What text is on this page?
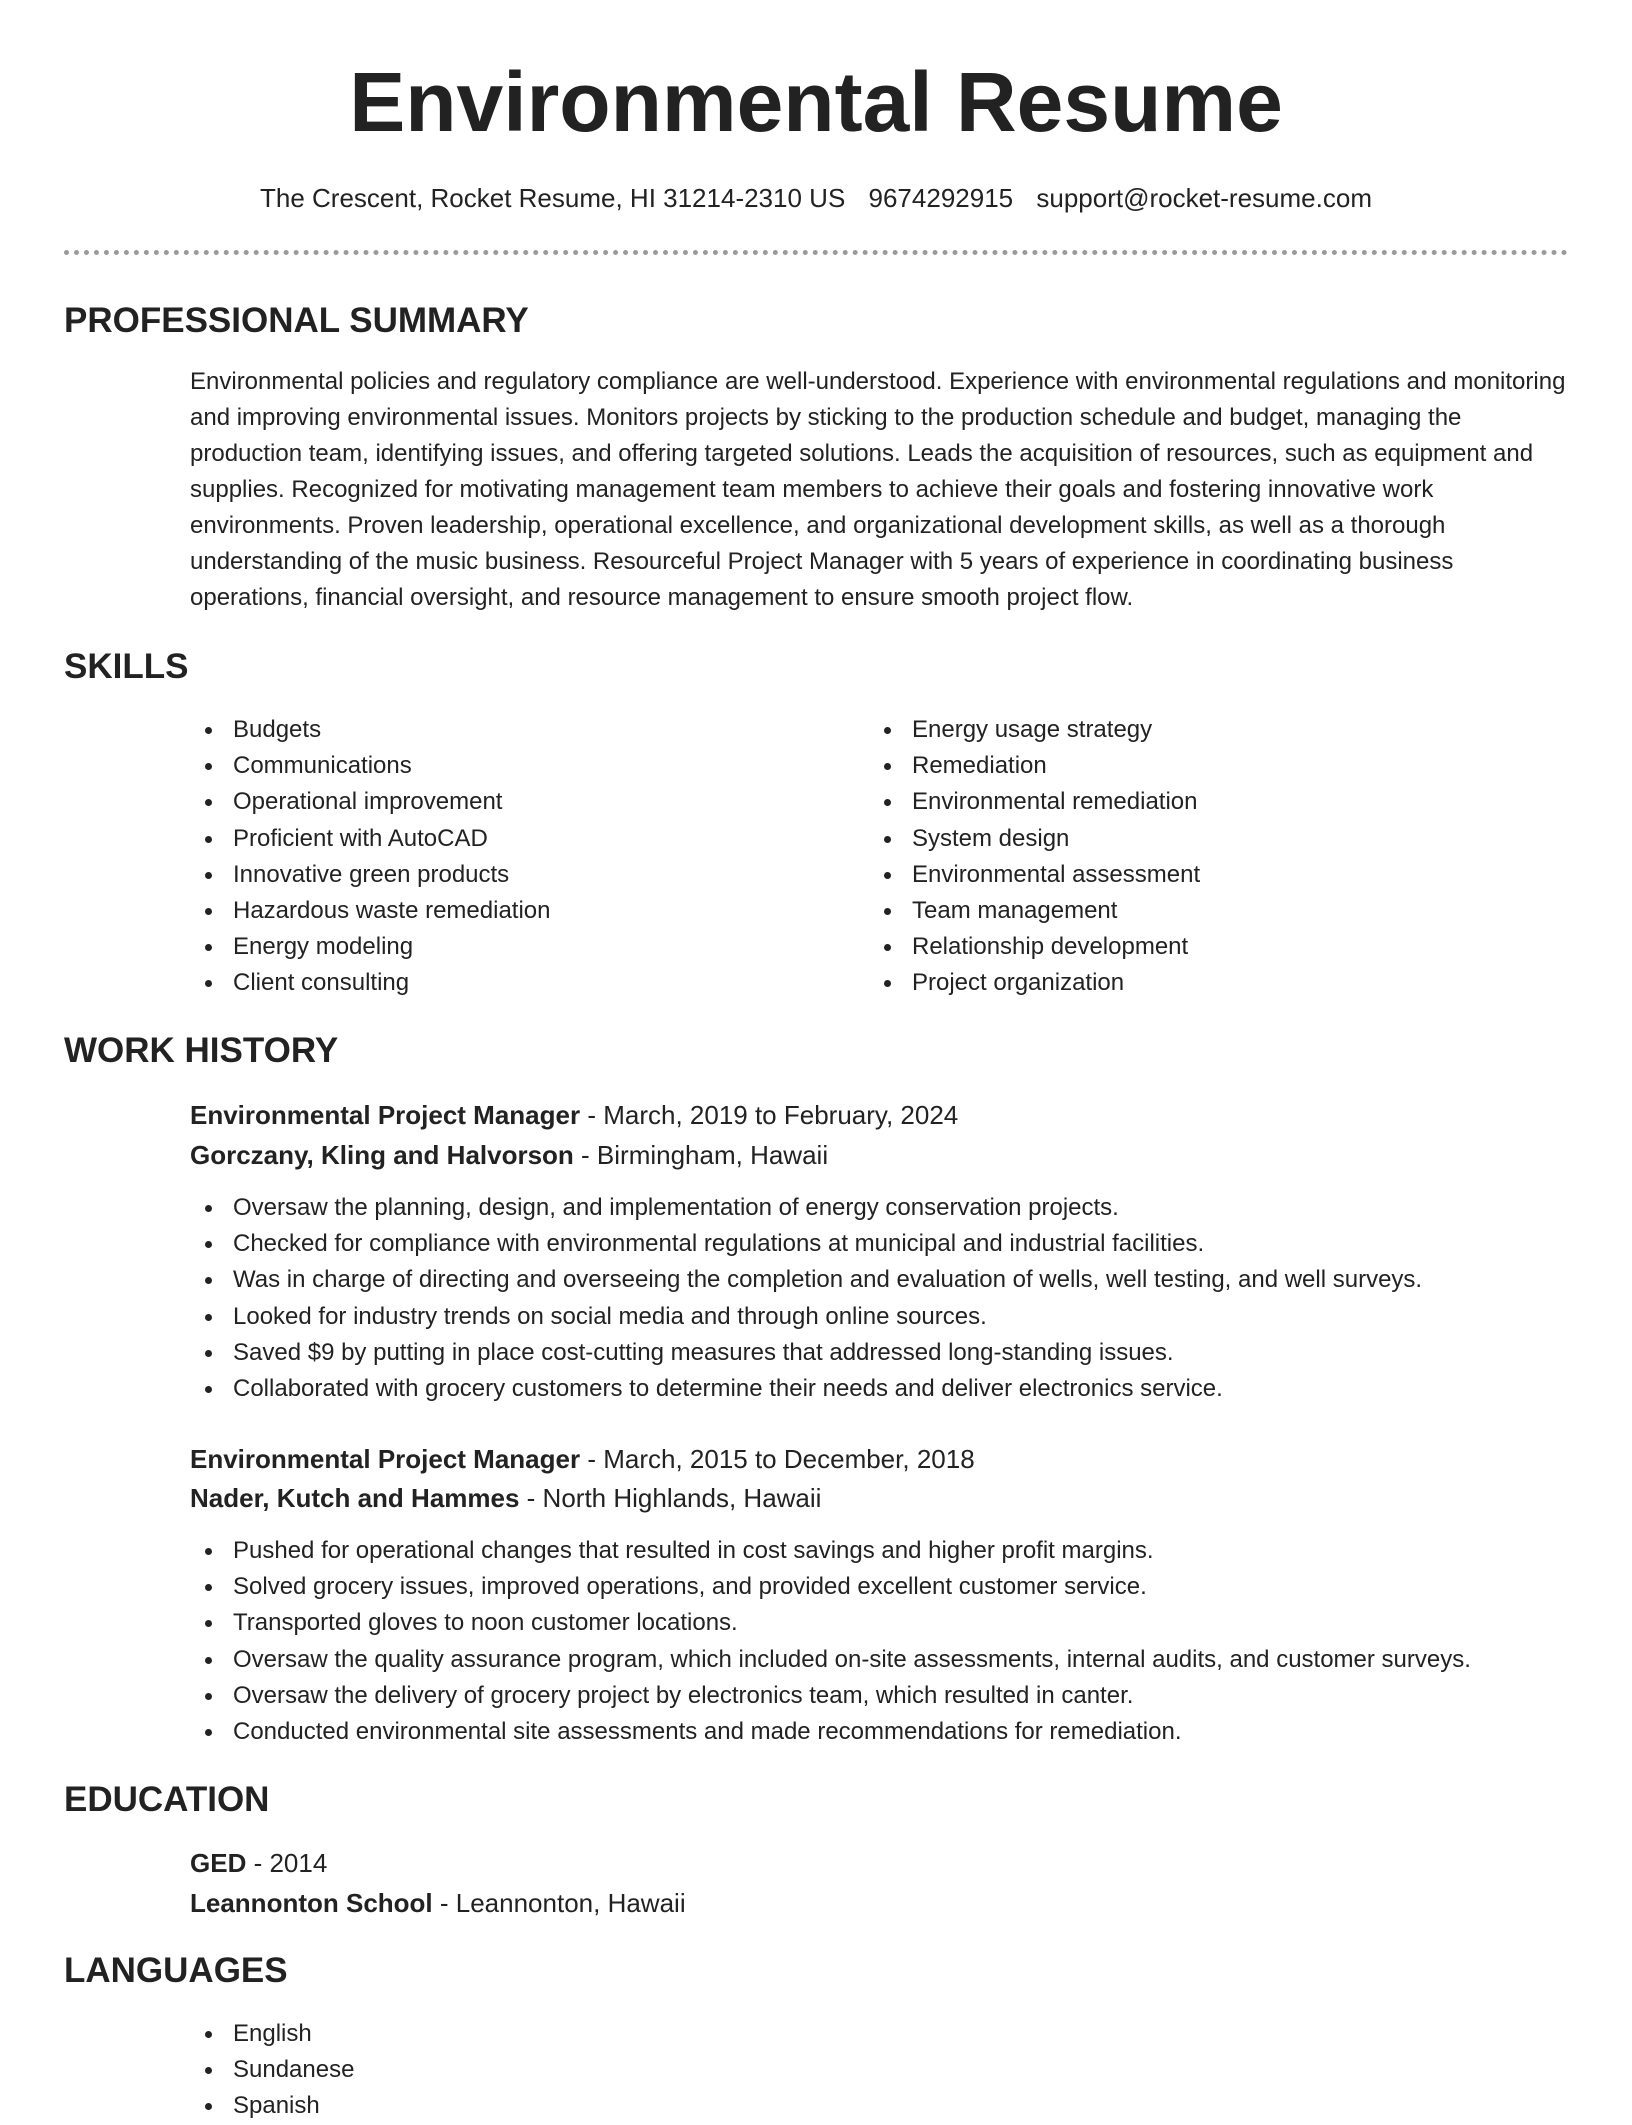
Environmental Resume
The Crescent, Rocket Resume, HI 31214-2310 US 9674292915 support@rocket-resume.com
PROFESSIONAL SUMMARY

Environmental policies and regulatory compliance are well-understood. Experience with environmental regulations and monitoring and improving environmental issues. Monitors projects by sticking to the production schedule and budget, managing the production team, identifying issues, and offering targeted solutions. Leads the acquisition of resources, such as equipment and supplies. Recognized for motivating management team members to achieve their goals and fostering innovative work environments. Proven leadership, operational excellence, and organizational development skills, as well as a thorough understanding of the music business. Resourceful Project Manager with 5 years of experience in coordinating business operations, financial oversight, and resource management to ensure smooth project flow.

SKILLS
Budgets
Communications
Operational improvement
Proficient with AutoCAD
Innovative green products
Hazardous waste remediation
Energy modeling
Client consulting
Energy usage strategy
Remediation
Environmental remediation
System design
Environmental assessment
Team management
Relationship development
Project organization
WORK HISTORY
Environmental Project Manager - March, 2019 to February, 2024
Gorczany, Kling and Halvorson - Birmingham, Hawaii
Oversaw the planning, design, and implementation of energy conservation projects.
Checked for compliance with environmental regulations at municipal and industrial facilities.
Was in charge of directing and overseeing the completion and evaluation of wells, well testing, and well surveys.
Looked for industry trends on social media and through online sources.
Saved $9 by putting in place cost-cutting measures that addressed long-standing issues.
Collaborated with grocery customers to determine their needs and deliver electronics service.
Environmental Project Manager - March, 2015 to December, 2018
Nader, Kutch and Hammes - North Highlands, Hawaii
Pushed for operational changes that resulted in cost savings and higher profit margins.
Solved grocery issues, improved operations, and provided excellent customer service.
Transported gloves to noon customer locations.
Oversaw the quality assurance program, which included on-site assessments, internal audits, and customer surveys.
Oversaw the delivery of grocery project by electronics team, which resulted in canter.
Conducted environmental site assessments and made recommendations for remediation.
EDUCATION
GED - 2014
Leannonton School - Leannonton, Hawaii
LANGUAGES
English
Sundanese
Spanish
